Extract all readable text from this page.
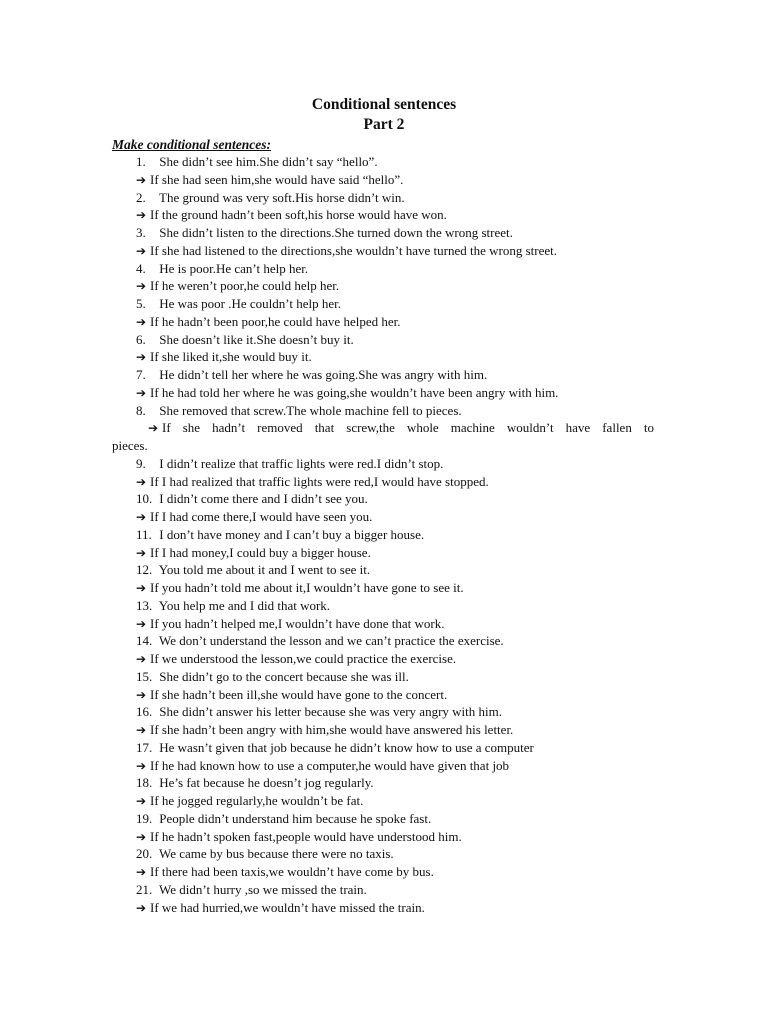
Conditional sentences
Part 2
Make conditional sentences:
1. She didn’t see him.She didn’t say “hello”.
➔ If she had seen him,she would have said “hello”.
2. The ground was very soft.His horse didn’t win.
➔ If the ground hadn’t been soft,his horse would have won.
3. She didn’t listen to the directions.She turned down the wrong street.
➔ If she had listened to the directions,she wouldn’t have turned the wrong street.
4. He is poor.He can’t help her.
➔ If he weren’t poor,he could help her.
5. He was poor .He couldn’t help her.
➔ If he hadn’t been poor,he could have helped her.
6. She doesn’t like it.She doesn’t buy it.
➔ If she liked it,she would buy it.
7. He didn’t tell her where he was going.She was angry with him.
➔ If he had told her where he was going,she wouldn’t have been angry with him.
8. She removed that screw.The whole machine fell to pieces.
➔ If she hadn’t removed that screw,the whole machine wouldn’t have fallen to
pieces.
9. I didn’t realize that traffic lights were red.I didn’t stop.
➔ If I had realized that traffic lights were red,I would have stopped.
10. I didn’t come there and I didn’t see you.
➔ If I had come there,I would have seen you.
11. I don’t have money and I can’t buy a bigger house.
➔ If I had money,I could buy a bigger house.
12. You told me about it and I went to see it.
➔ If you hadn’t told me about it,I wouldn’t have gone to see it.
13. You help me and I did that work.
➔ If you hadn’t helped me,I wouldn’t have done that work.
14. We don’t understand the lesson and we can’t practice the exercise.
➔ If we understood the lesson,we could practice the exercise.
15. She didn’t go to the concert because she was ill.
➔ If she hadn’t been ill,she would have gone to the concert.
16. She didn’t answer his letter because she was very angry with him.
➔ If she hadn’t been angry with him,she would have answered his letter.
17. He wasn’t given that job because he didn’t know how to use a computer
➔ If he had known how to use a computer,he would have given that job
18. He’s fat because he doesn’t jog regularly.
➔ If he jogged regularly,he wouldn’t be fat.
19. People didn’t understand him because he spoke fast.
➔ If he hadn’t spoken fast,people would have understood him.
20. We came by bus because there were no taxis.
➔ If there had been taxis,we wouldn’t have come by bus.
21. We didn’t hurry ,so we missed the train.
➔ If we had hurried,we wouldn’t have missed the train.
